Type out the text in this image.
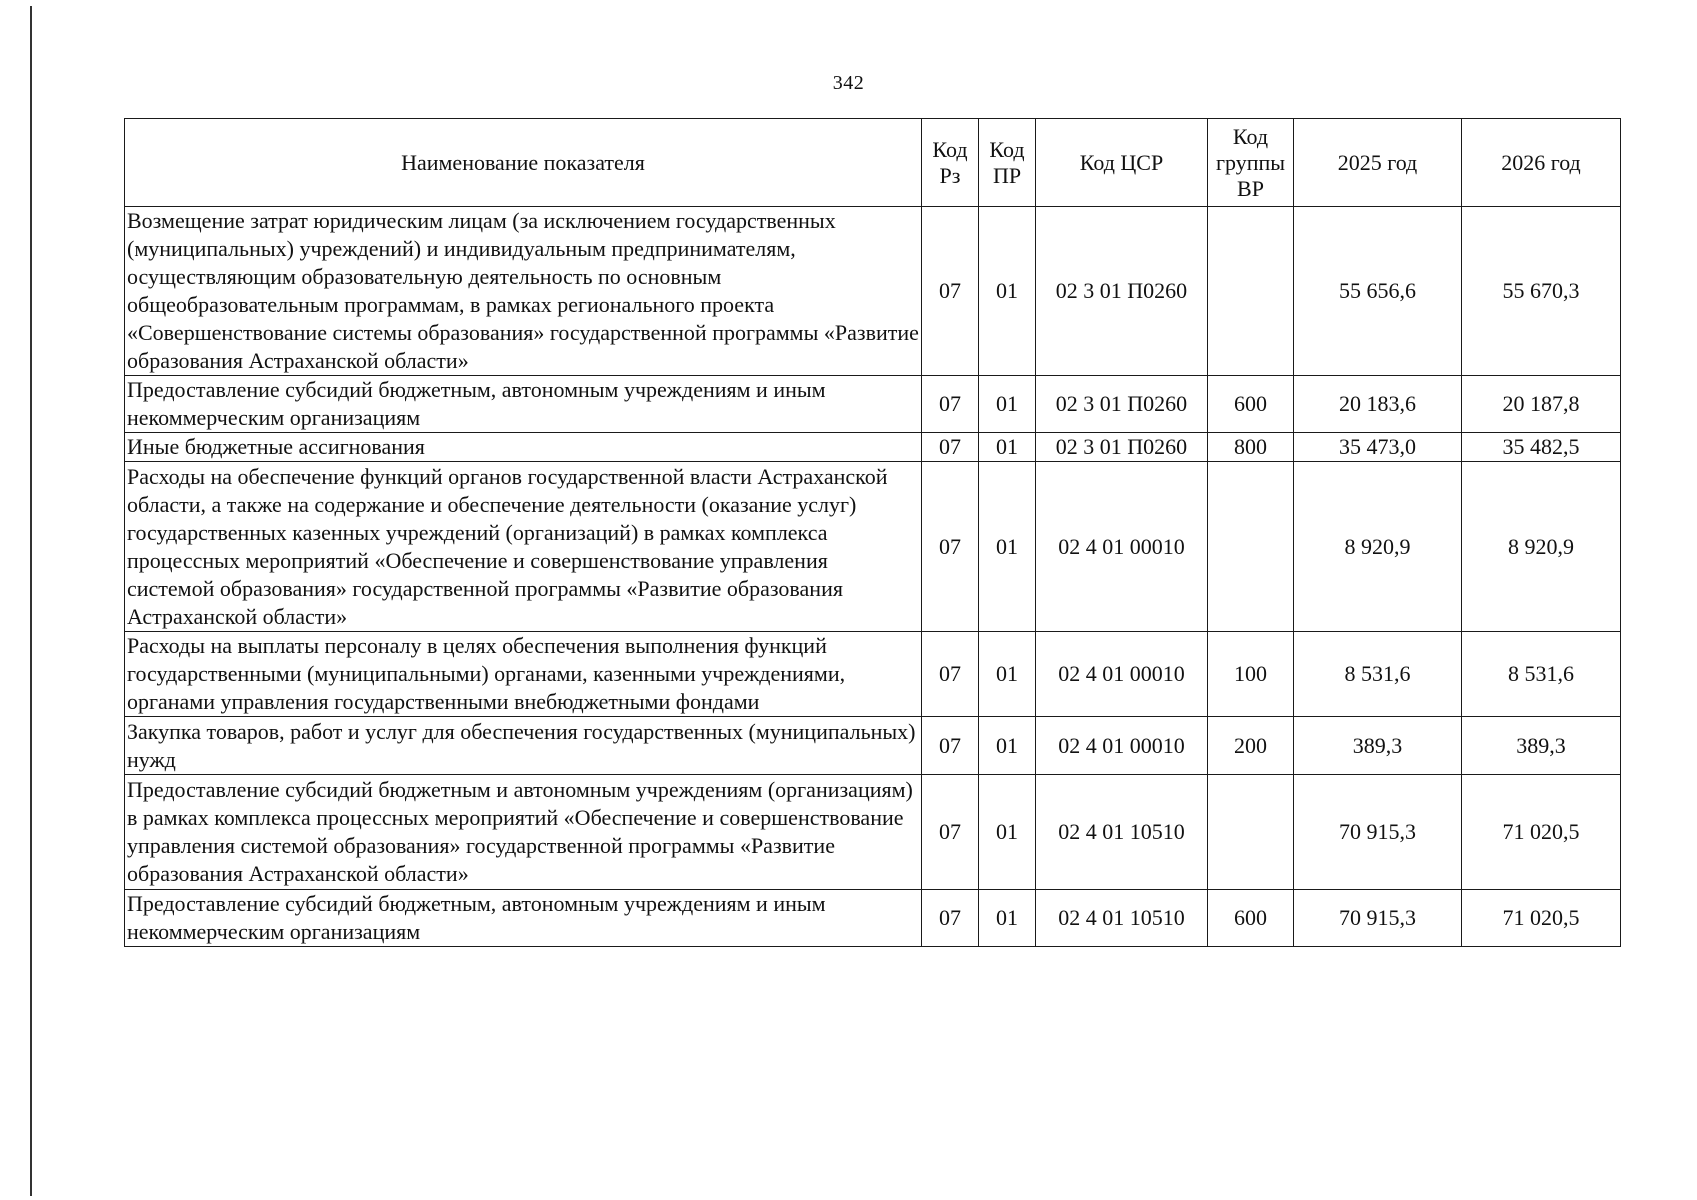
342
Наименование показателя	Код Рз	Код ПР	Код ЦСР	Код группы ВР	2025 год	2026 год
Возмещение затрат юридическим лицам (за исключением государственных (муниципальных) учреждений) и индивидуальным предпринимателям, осуществляющим образовательную деятельность по основным общеобразовательным программам, в рамках регионального проекта «Совершенствование системы образования» государственной программы «Развитие образования Астраханской области»	07	01	02 3 01 П0260		55 656,6	55 670,3
Предоставление субсидий бюджетным, автономным учреждениям и иным некоммерческим организациям	07	01	02 3 01 П0260	600	20 183,6	20 187,8
Иные бюджетные ассигнования	07	01	02 3 01 П0260	800	35 473,0	35 482,5
Расходы на обеспечение функций органов государственной власти Астраханской области, а также на содержание и обеспечение деятельности (оказание услуг) государственных казенных учреждений (организаций) в рамках комплекса процессных мероприятий «Обеспечение и совершенствование управления системой образования» государственной программы «Развитие образования Астраханской области»	07	01	02 4 01 00010		8 920,9	8 920,9
Расходы на выплаты персоналу в целях обеспечения выполнения функций государственными (муниципальными) органами, казенными учреждениями, органами управления государственными внебюджетными фондами	07	01	02 4 01 00010	100	8 531,6	8 531,6
Закупка товаров, работ и услуг для обеспечения государственных (муниципальных) нужд	07	01	02 4 01 00010	200	389,3	389,3
Предоставление субсидий бюджетным и автономным учреждениям (организациям) в рамках комплекса процессных мероприятий «Обеспечение и совершенствование управления системой образования» государственной программы «Развитие образования Астраханской области»	07	01	02 4 01 10510		70 915,3	71 020,5
Предоставление субсидий бюджетным, автономным учреждениям и иным некоммерческим организациям	07	01	02 4 01 10510	600	70 915,3	71 020,5
